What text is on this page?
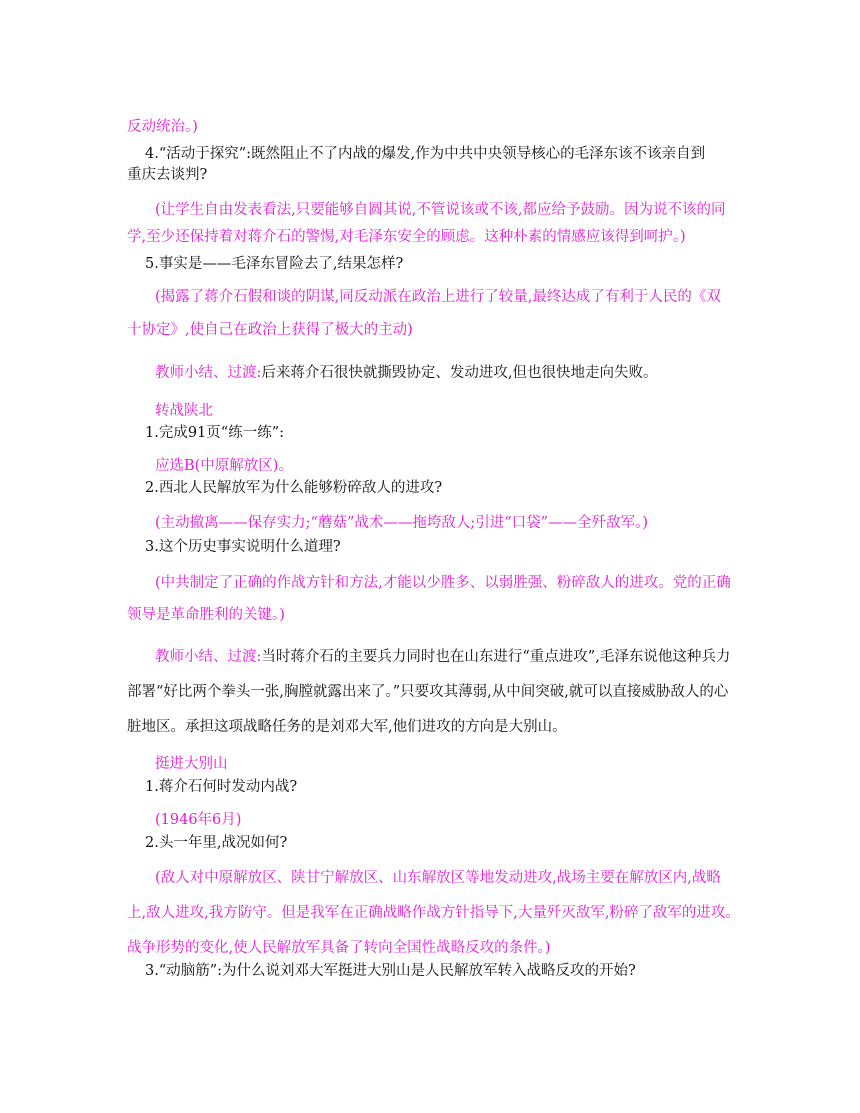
反动统治。)
4.“活动于探究”:既然阻止不了内战的爆发,作为中共中央领导核心的毛泽东该不该亲自到
重庆去谈判?
(让学生自由发表看法,只要能够自圆其说,不管说该或不该,都应给予鼓励。因为说不该的同
学,至少还保持着对蒋介石的警惕,对毛泽东安全的顾虑。这种朴素的情感应该得到呵护。)
5.事实是——毛泽东冒险去了,结果怎样?
(揭露了蒋介石假和谈的阴谋,同反动派在政治上进行了较量,最终达成了有利于人民的《双
十协定》,使自己在政治上获得了极大的主动)
教师小结、过渡:后来蒋介石很快就撕毁协定、发动进攻,但也很快地走向失败。
转战陕北
1.完成91页“练一练”:
应选B(中原解放区)。
2.西北人民解放军为什么能够粉碎敌人的进攻?
(主动撤离——保存实力;“蘑菇”战术——拖垮敌人;引进“口袋”——全歼敌军。)
3.这个历史事实说明什么道理?
(中共制定了正确的作战方针和方法,才能以少胜多、以弱胜强、粉碎敌人的进攻。党的正确
领导是革命胜利的关键。)
教师小结、过渡:当时蒋介石的主要兵力同时也在山东进行“重点进攻”,毛泽东说他这种兵力
部署“好比两个拳头一张,胸膛就露出来了。”只要攻其薄弱,从中间突破,就可以直接威胁敌人的心
脏地区。承担这项战略任务的是刘邓大军,他们进攻的方向是大别山。
挺进大别山
1.蒋介石何时发动内战?
(1946年6月)
2.头一年里,战况如何?
(敌人对中原解放区、陕甘宁解放区、山东解放区等地发动进攻,战场主要在解放区内,战略
上,敌人进攻,我方防守。但是我军在正确战略作战方针指导下,大量歼灭敌军,粉碎了敌军的进攻。
战争形势的变化,使人民解放军具备了转向全国性战略反攻的条件。)
3.“动脑筋”:为什么说刘邓大军挺进大别山是人民解放军转入战略反攻的开始?
